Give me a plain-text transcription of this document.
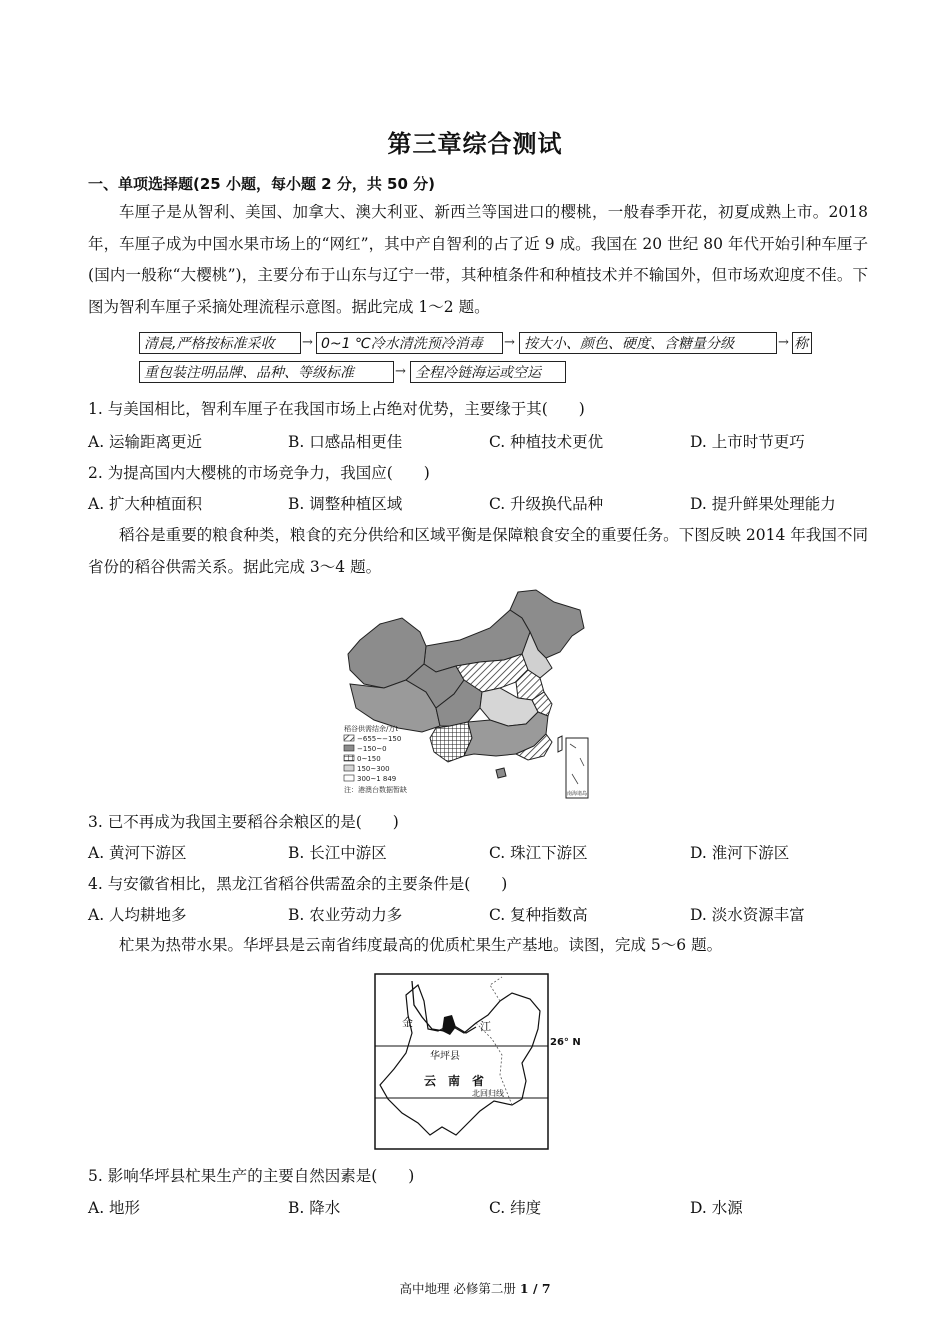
第三章综合测试
一、单项选择题(25 小题，每小题 2 分，共 50 分)
车厘子是从智利、美国、加拿大、澳大利亚、新西兰等国进口的樱桃，一般春季开花，初夏成熟上市。2018 年，车厘子成为中国水果市场上的“网红”，其中产自智利的占了近 9 成。我国在 20 世纪 80 年代开始引种车厘子(国内一般称“大樱桃”)，主要分布于山东与辽宁一带，其种植条件和种植技术并不输国外，但市场欢迎度不佳。下图为智利车厘子采摘处理流程示意图。据此完成 1～2 题。
清晨,严格按标准采收	→ 0~1 ℃冷水清洗预冷消毒	→ 按大小、颜色、硬度、含糖量分级	→ 称
重包装注明品牌、品种、等级标准	→ 全程冷链海运或空运
1. 与美国相比，智利车厘子在我国市场上占绝对优势，主要缘于其(　　)
A. 运输距离更近	B. 口感品相更佳	C. 种植技术更优	D. 上市时节更巧
2. 为提高国内大樱桃的市场竞争力，我国应(　　)
A. 扩大种植面积	B. 调整种植区域	C. 升级换代品种	D. 提升鲜果处理能力
稻谷是重要的粮食种类，粮食的充分供给和区域平衡是保障粮食安全的重要任务。下图反映 2014 年我国不同省份的稻谷供需关系。据此完成 3～4 题。
稻谷供需结余/万t
−655~−150
−150~0
0~150
150~300
300~1 849
注：港澳台数据暂缺	南海诸岛
3. 已不再成为我国主要稻谷余粮区的是(　　)
A. 黄河下游区	B. 长江中游区	C. 珠江下游区	D. 淮河下游区
4. 与安徽省相比，黑龙江省稻谷供需盈余的主要条件是(　　)
A. 人均耕地多	B. 农业劳动力多	C. 复种指数高	D. 淡水资源丰富
杧果为热带水果。华坪县是云南省纬度最高的优质杧果生产基地。读图，完成 5～6 题。
金	江
26° N
华坪县
云　南　省
北回归线
5. 影响华坪县杧果生产的主要自然因素是(　　)
A. 地形	B. 降水	C. 纬度	D. 水源
高中地理 必修第二册 1 / 7
